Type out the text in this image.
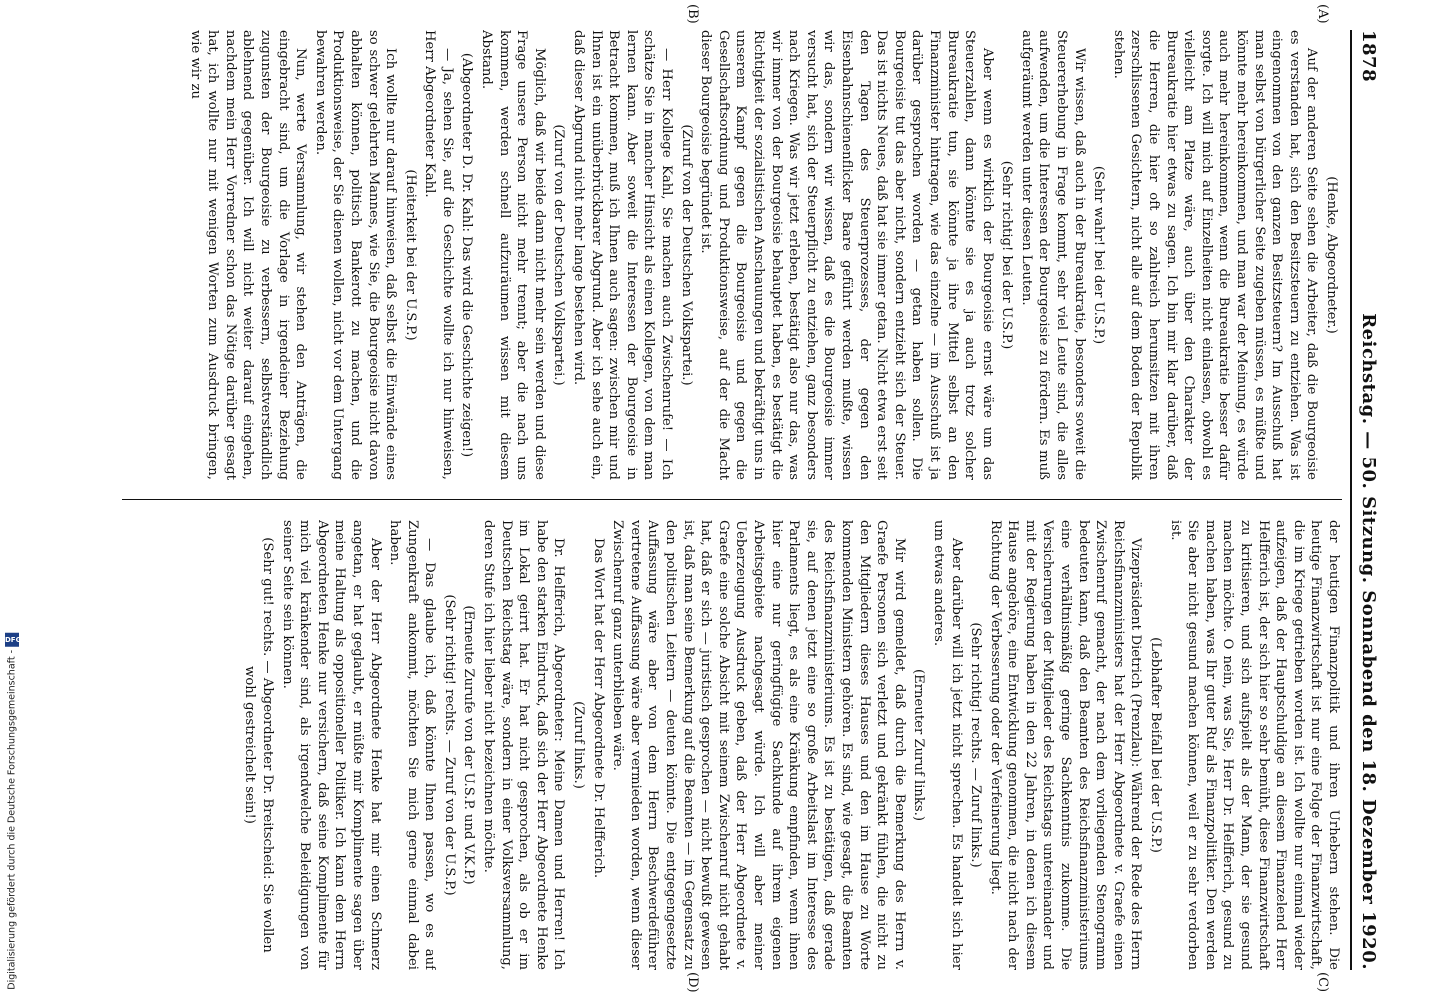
Digitalisierung gefördert durch die Deutsche Forschungsgemeinschaft -
DFG
1878
Reichstag. — 50. Sitzung. Sonnabend den 18. Dezember 1920.
(A)
(B)
(C)
(D)

(Henke, Abgeordneter.)

Auf der anderen Seite sehen die Arbeiter, daß die Bourgeoisie es verstanden hat, sich den Besitzsteuern zu entziehen. Was ist eingenommen von den ganzen Besitzsteuern? Im Ausschuß hat man selbst von bürgerlicher Seite zugeben müssen, es müßte und könnte mehr hereinkommen, und man war der Meinung, es würde auch mehr hereinkommen, wenn die Bureaukratie besser dafür sorgte. Ich will mich auf Einzelheiten nicht einlassen, obwohl es vielleicht am Platze wäre, auch über den Charakter der Bureaukratie hier etwas zu sagen. Ich bin mir klar darüber, daß die Herren, die hier oft so zahlreich herumsitzen mit ihren zerschlissenen Gesichtern, nicht alle auf dem Boden der Republik stehen.

(Sehr wahr! bei der U.S.P.)

Wir wissen, daß auch in der Bureaukratie, besonders soweit die Steuererhebung in Frage kommt, sehr viel Leute sind, die alles aufwenden, um die Interessen der Bourgeoisie zu fördern. Es muß aufgeräumt werden unter diesen Leuten.

(Sehr richtig! bei der U.S.P.)

Aber wenn es wirklich der Bourgeoisie ernst wäre um das Steuerzahlen, dann könnte sie es ja auch trotz solcher Bureaukratie tun, sie könnte ja ihre Mittel selbst an den Finanzminister hintragen, wie das einzelne — im Ausschuß ist ja darüber gesprochen worden — getan haben sollen. Die Bourgeoisie tut das aber nicht, sondern entzieht sich der Steuer. Das ist nichts Neues, daß hat sie immer getan. Nicht etwa erst seit den Tagen des Steuerprozesses, der gegen den Eisenbahnschienenflicker Baare geführt werden mußte, wissen wir das, sondern wir wissen, daß es die Bourgeoisie immer versucht hat, sich der Steuerpflicht zu entziehen, ganz besonders nach Kriegen. Was wir jetzt erleben, bestätigt also nur das, was wir immer von der Bourgeoisie behauptet haben, es bestätigt die Richtigkeit der sozialistischen Anschauungen und bekräftigt uns in unserem Kampf gegen die Bourgeoisie und gegen die Gesellschaftsordnung und Produktionsweise, auf der die Macht dieser Bourgeoisie begründet ist.

(Zuruf von der Deutschen Volkspartei.)

— Herr Kollege Kahl, Sie machen auch Zwischenrufe! — Ich schätze Sie in mancher Hinsicht als einen Kollegen, von dem man lernen kann. Aber soweit die Interessen der Bourgeoisie in Betracht kommen, muß ich Ihnen auch sagen: zwischen mir und Ihnen ist ein unüberbrückbarer Abgrund. Aber ich sehe auch ein, daß dieser Abgrund nicht mehr lange bestehen wird.

(Zuruf von der Deutschen Volkspartei.)

Möglich, daß wir beide dann nicht mehr sein werden und diese Frage unsere Person nicht mehr trennt; aber die nach uns kommen, werden schnell aufzuräumen wissen mit diesem Abstand.

(Abgeordneter D. Dr. Kahl: Das wird die Geschichte zeigen!)

— Ja, sehen Sie, auf die Geschichte wollte ich nur hinweisen, Herr Abgeordneter Kahl.

(Heiterkeit bei der U.S.P.)

Ich wollte nur darauf hinweisen, daß selbst die Einwände eines so schwer gelehrten Mannes, wie Sie, die Bourgeoisie nicht davon abhalten können, politisch Bankerott zu machen, und die Produktionsweise, der Sie dienen wollen, nicht vor dem Untergang bewahren werden.

Nun, werte Versammlung, wir stehen den Anträgen, die eingebracht sind, um die Vorlage in irgendeiner Beziehung zugunsten der Bourgeoisie zu verbessern, selbstverständlich ablehnend gegenüber. Ich will nicht weiter darauf eingehen, nachdem mein Herr Vorredner schon das Nötige darüber gesagt hat, ich wollte nur mit wenigen Worten zum Ausdruck bringen, wie wir zu

der heutigen Finanzpolitik und ihren Urhebern stehen. Die heutige Finanzwirtschaft ist nur eine Folge der Finanzwirtschaft, die im Kriege getrieben worden ist. Ich wollte nur einmal wieder aufzeigen, daß der Hauptschuldige an diesem Finanzelend Herr Helfferich ist, der sich hier so sehr bemüht, diese Finanzwirtschaft zu kritisieren, und sich aufspielt als der Mann, der sie gesund machen möchte. O nein, was Sie, Herr Dr. Helfferich, gesund zu machen haben, was Ihr guter Ruf als Finanzpolitiker. Den werden Sie aber nicht gesund machen können, weil er zu sehr verdorben ist.

(Lebhafter Beifall bei der U.S.P.)

Vizepräsident Dietrich (Prenzlau): Während der Rede des Herrn Reichsfinanzministers hat der Herr Abgeordnete v. Graefe einen Zwischenruf gemacht, der nach dem vorliegenden Stenogramm bedeuten kann, daß den Beamten des Reichsfinanzministeriums eine verhältnismäßig geringe Sachkenntnis zukomme. Die Versicherungen der Mitglieder des Reichstags untereinander und mit der Regierung haben in den 22 Jahren, in denen ich diesem Hause angehöre, eine Entwicklung genommen, die nicht nach der Richtung der Verbesserung oder der Verfeinerung liegt.

(Sehr richtig! rechts. — Zuruf links.)

Aber darüber will ich jetzt nicht sprechen. Es handelt sich hier um etwas anderes.

(Erneuter Zuruf links.)

Mir wird gemeldet, daß durch die Bemerkung des Herrn v. Graefe Personen sich verletzt und gekränkt fühlen, die nicht zu den Mitgliedern dieses Hauses und den im Hause zu Worte kommenden Ministern gehören. Es sind, wie gesagt, die Beamten des Reichsfinanzministeriums. Es ist zu bestätigen, daß gerade sie, auf denen jetzt eine so große Arbeitslast im Interesse des Parlaments liegt, es als eine Kränkung empfinden, wenn ihnen hier eine nur geringfügige Sachkunde auf ihrem eigenen Arbeitsgebiete nachgesagt würde. Ich will aber meiner Ueberzeugung Ausdruck geben, daß der Herr Abgeordnete v. Graefe eine solche Absicht mit seinem Zwischenruf nicht gehabt hat, daß er sich — juristisch gesprochen — nicht bewußt gewesen ist, daß man seine Bemerkung auf die Beamten — im Gegensatz zu den politischen Leitern — deuten könnte. Die entgegengesetzte Auffassung wäre aber von dem Herrn Beschwerdeführer vertretene Auffassung wäre aber vermieden worden, wenn dieser Zwischenruf ganz unterblieben wäre.

Das Wort hat der Herr Abgeordnete Dr. Helfferich.

(Zuruf links.)

Dr. Helfferich, Abgeordneter: Meine Damen und Herren! Ich habe den starken Eindruck, daß sich der Herr Abgeordnete Henke im Lokal geirrt hat. Er hat nicht gesprochen, als ob er im Deutschen Reichstag wäre, sondern in einer Volksversammlung, deren Stufe ich hier lieber nicht bezeichnen möchte.

(Erneute Zurufe von der U.S.P. und V.K.P.)

(Sehr richtig! rechts. — Zuruf von der U.S.P.)

— Das glaube ich, daß könnte Ihnen passen, wo es auf Zungenkraft ankommt, möchten Sie mich gerne einmal dabei haben.

Aber der Herr Abgeordnete Henke hat mir einen Schmerz angetan, er hat geglaubt, er müßte mir Komplimente sagen über meine Haltung als oppositioneller Politiker. Ich kann dem Herrn Abgeordneten Henke nur versichern, daß seine Komplimente für mich viel kränkender sind, als irgendwelche Beleidigungen von seiner Seite sein können.

(Sehr gut! rechts. — Abgeordneter Dr. Breitscheid: Sie wollen wohl gestreichelt sein!)
